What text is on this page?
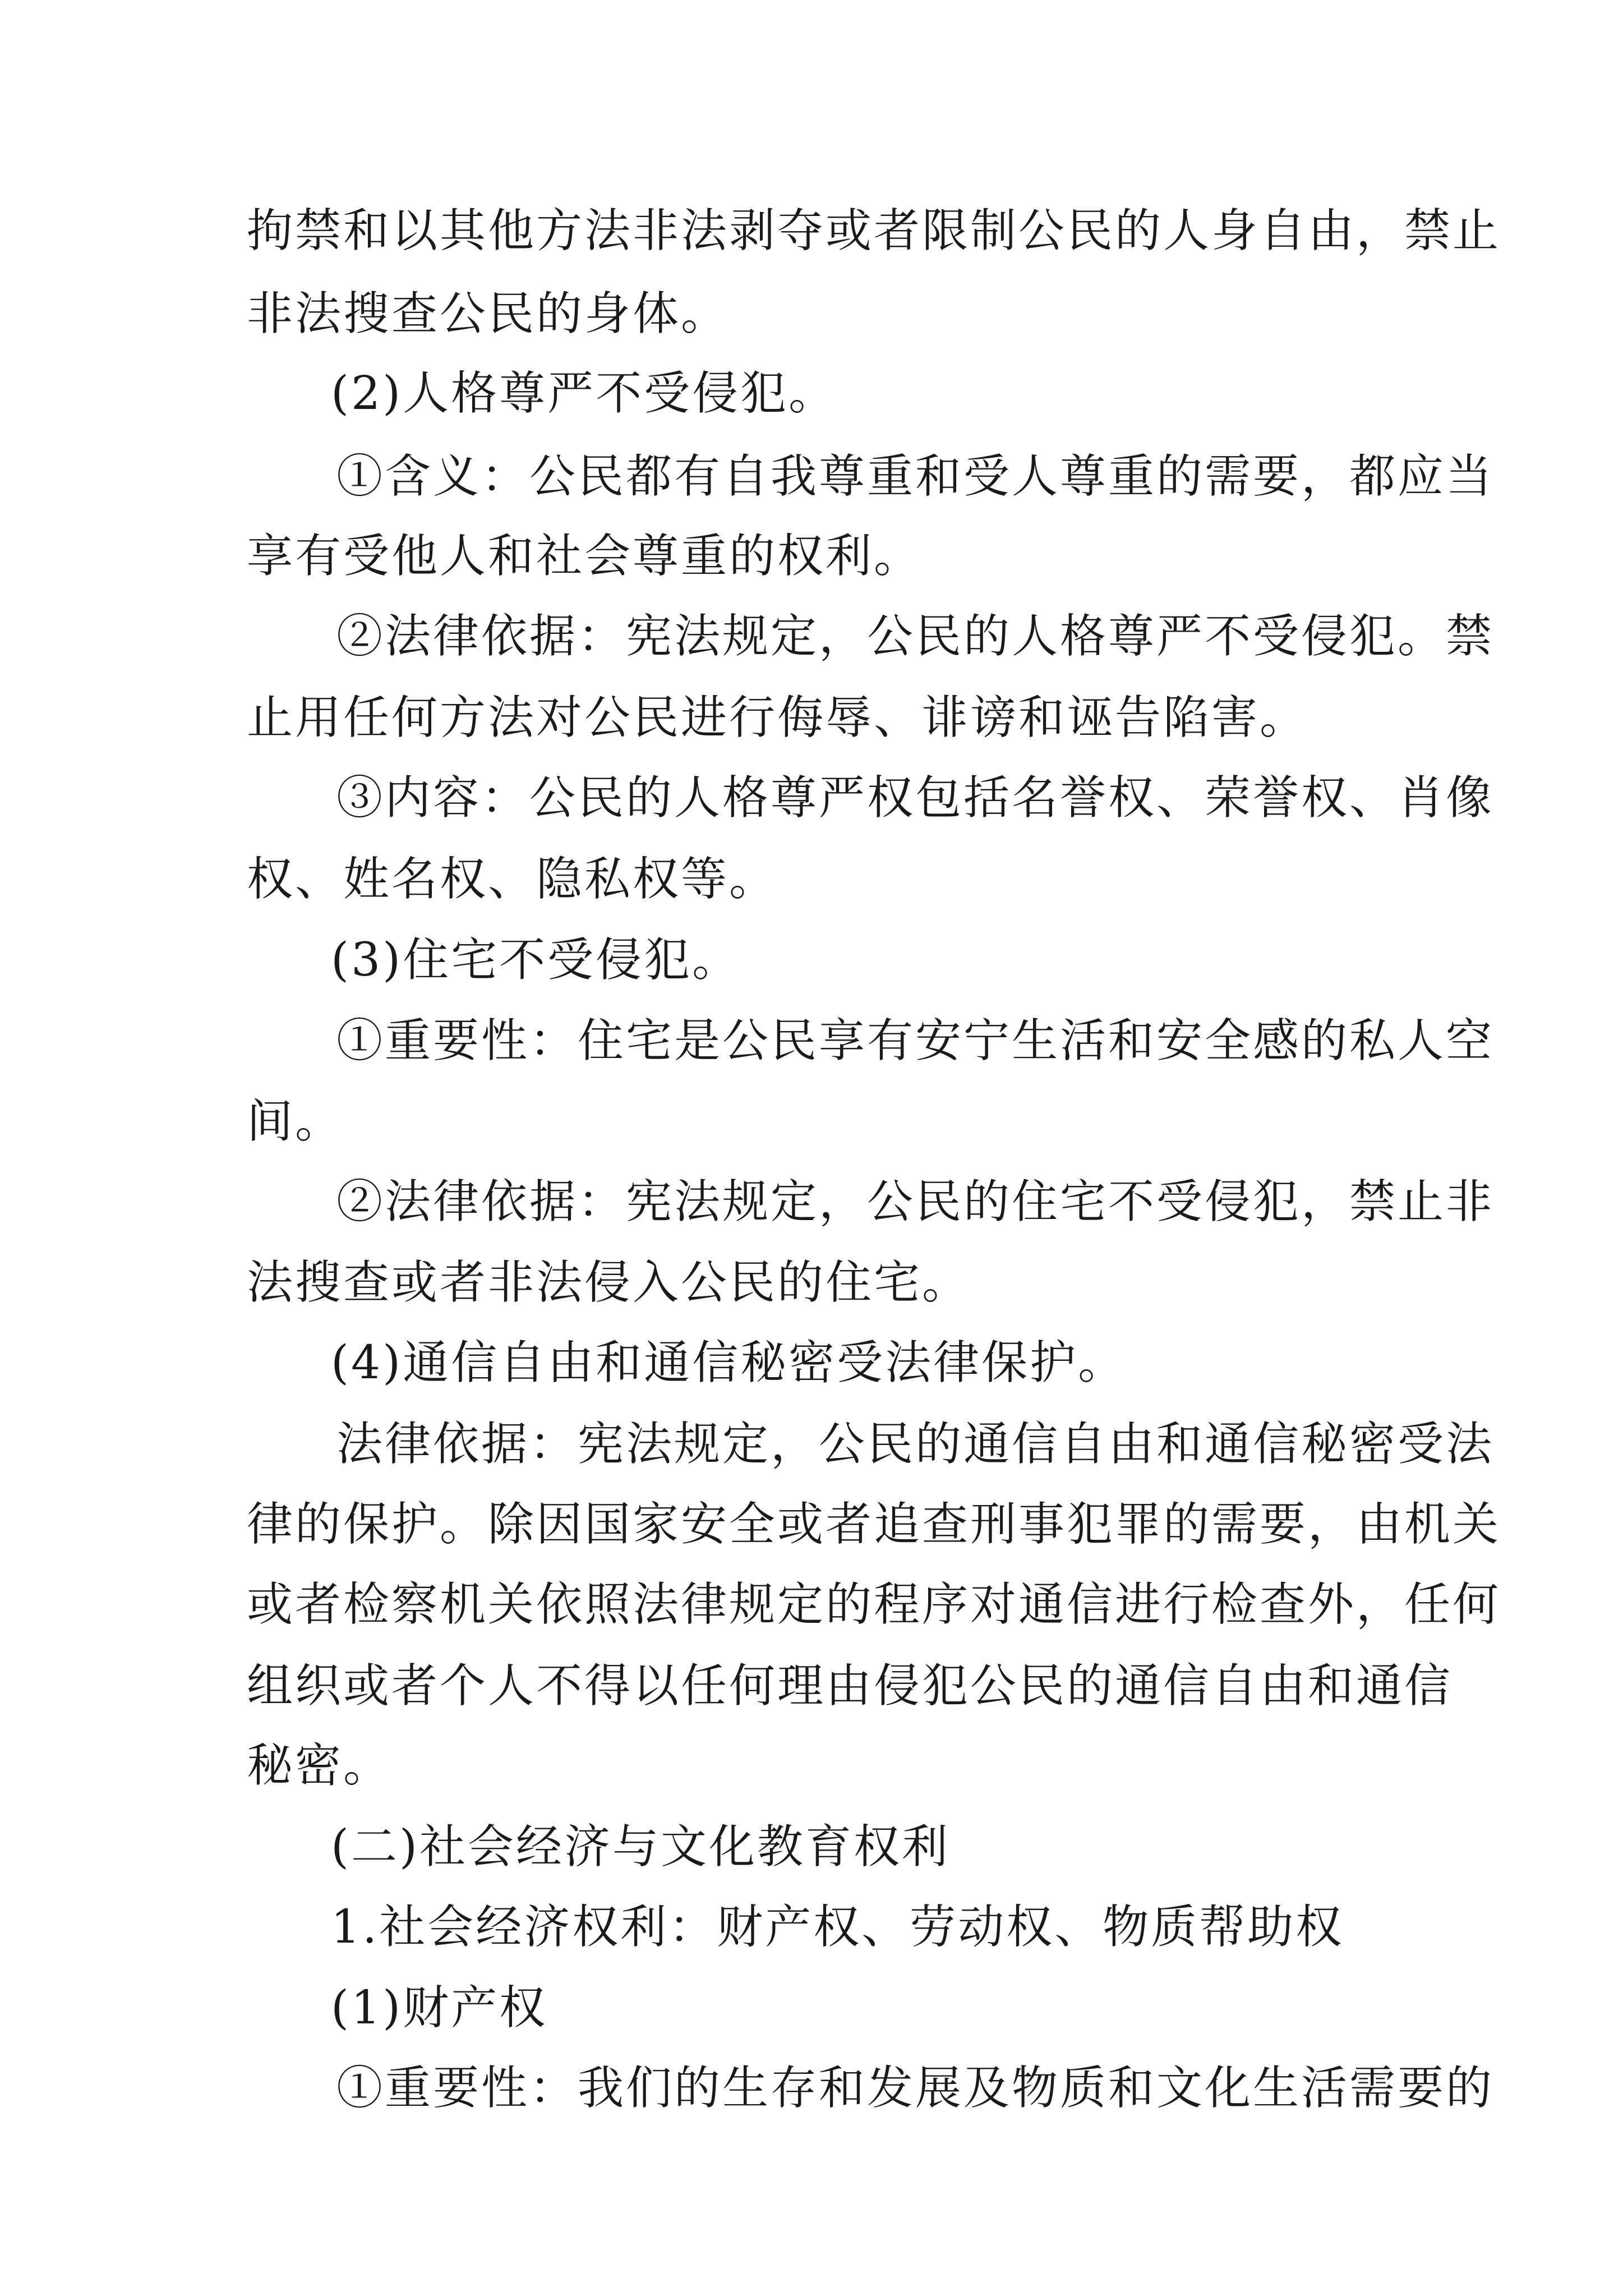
拘禁和以其他方法非法剥夺或者限制公民的人身自由，禁止
非法搜查公民的身体。
(2)人格尊严不受侵犯。
①含义：公民都有自我尊重和受人尊重的需要，都应当
享有受他人和社会尊重的权利。
②法律依据：宪法规定，公民的人格尊严不受侵犯。禁
止用任何方法对公民进行侮辱、诽谤和诬告陷害。
③内容：公民的人格尊严权包括名誉权、荣誉权、肖像
权、姓名权、隐私权等。
(3)住宅不受侵犯。
①重要性：住宅是公民享有安宁生活和安全感的私人空
间。
②法律依据：宪法规定，公民的住宅不受侵犯，禁止非
法搜查或者非法侵入公民的住宅。
(4)通信自由和通信秘密受法律保护。
法律依据：宪法规定，公民的通信自由和通信秘密受法
律的保护。除因国家安全或者追查刑事犯罪的需要，由机关
或者检察机关依照法律规定的程序对通信进行检查外，任何
组织或者个人不得以任何理由侵犯公民的通信自由和通信
秘密。
(二)社会经济与文化教育权利
1.社会经济权利：财产权、劳动权、物质帮助权
(1)财产权
①重要性：我们的生存和发展及物质和文化生活需要的
